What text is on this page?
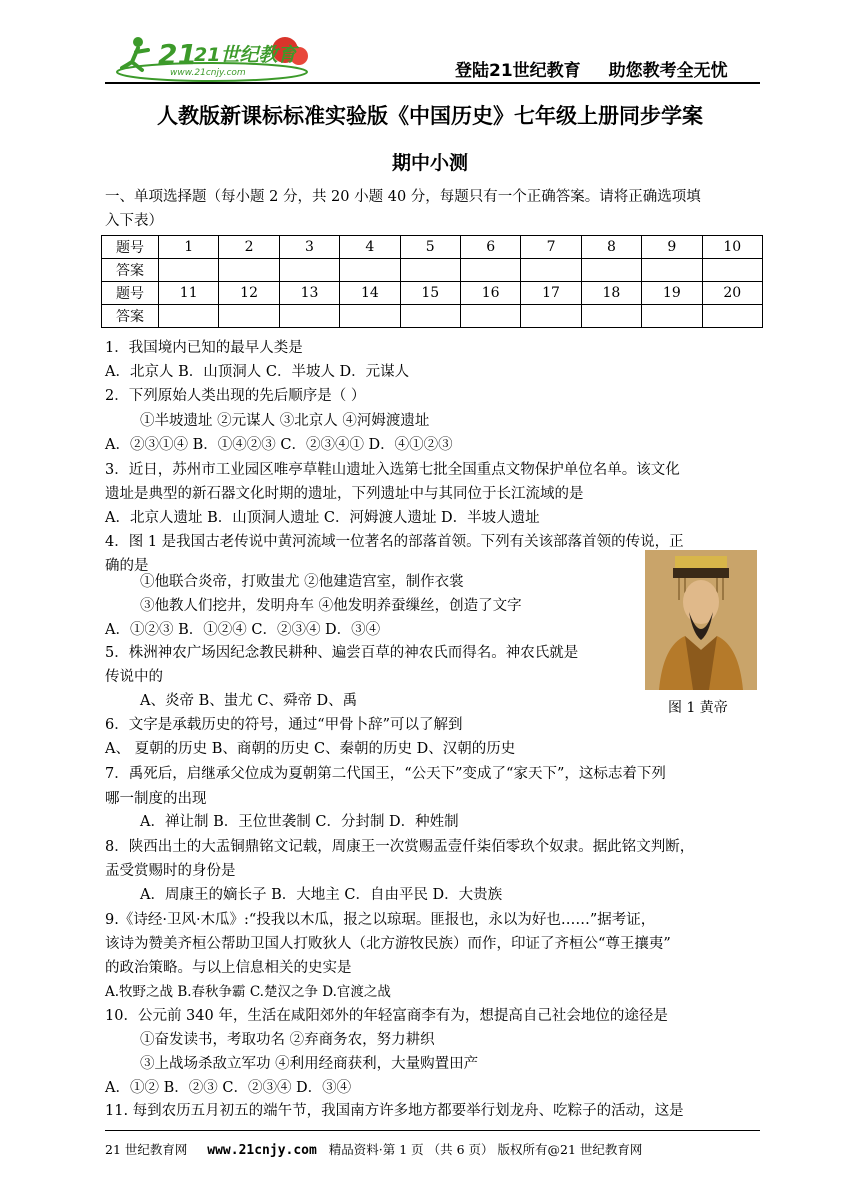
21
21世纪教育
www.21cnjy.com	登陆21世纪教育 助您教考全无忧
人教版新课标标准实验版《中国历史》七年级上册同步学案
期中小测
一、单项选择题（每小题 2 分，共 20 小题 40 分，每题只有一个正确答案。请将正确选项填
入下表）
题号	1	2	3	4	5	6	7	8	9	10
答案										
题号	11	12	13	14	15	16	17	18	19	20
答案										
1．我国境内已知的最早人类是
A．北京人 B．山顶洞人 C．半坡人 D．元谋人
2．下列原始人类出现的先后顺序是（ ）
①半坡遗址 ②元谋人 ③北京人 ④河姆渡遗址
A．②③①④ B．①④②③ C．②③④① D．④①②③
3．近日，苏州市工业园区唯亭草鞋山遗址入选第七批全国重点文物保护单位名单。该文化
遗址是典型的新石器文化时期的遗址，下列遗址中与其同位于长江流域的是
A．北京人遗址 B．山顶洞人遗址 C．河姆渡人遗址 D．半坡人遗址
4．图 1 是我国古老传说中黄河流域一位著名的部落首领。下列有关该部落首领的传说，正
确的是
①他联合炎帝，打败蚩尤 ②他建造宫室，制作衣裳
③他教人们挖井，发明舟车 ④他发明养蚕缫丝，创造了文字
A．①②③ B．①②④ C．②③④ D．③④
5．株洲神农广场因纪念教民耕种、遍尝百草的神农氏而得名。神农氏就是
传说中的
A、炎帝 B、蚩尤 C、舜帝 D、禹	图 1 黄帝
6．文字是承载历史的符号，通过“甲骨卜辞”可以了解到
A、 夏朝的历史 B、商朝的历史 C、秦朝的历史 D、汉朝的历史
7．禹死后，启继承父位成为夏朝第二代国王，“公天下”变成了“家天下”，这标志着下列
哪一制度的出现
A．禅让制 B．王位世袭制 C．分封制 D．种姓制
8．陕西出土的大盂铜鼎铭文记载，周康王一次赏赐盂壹仟柒佰零玖个奴隶。据此铭文判断，
盂受赏赐时的身份是
A．周康王的嫡长子 B．大地主 C．自由平民 D．大贵族
9.《诗经·卫风·木瓜》:“投我以木瓜，报之以琼琚。匪报也，永以为好也……”据考证，
该诗为赞美齐桓公帮助卫国人打败狄人（北方游牧民族）而作，印证了齐桓公“尊王攘夷”
的政治策略。与以上信息相关的史实是
A.牧野之战 B.春秋争霸 C.楚汉之争 D.官渡之战
10．公元前 340 年，生活在咸阳郊外的年轻富商李有为，想提高自己社会地位的途径是
①奋发读书，考取功名 ②弃商务农，努力耕织
③上战场杀敌立军功 ④利用经商获利，大量购置田产
A．①② B．②③ C．②③④ D．③④
11. 每到农历五月初五的端午节，我国南方许多地方都要举行划龙舟、吃粽子的活动，这是
21 世纪教育网 www.21cnjy.com 精品资料·第 1 页 （共 6 页） 版权所有@21 世纪教育网
